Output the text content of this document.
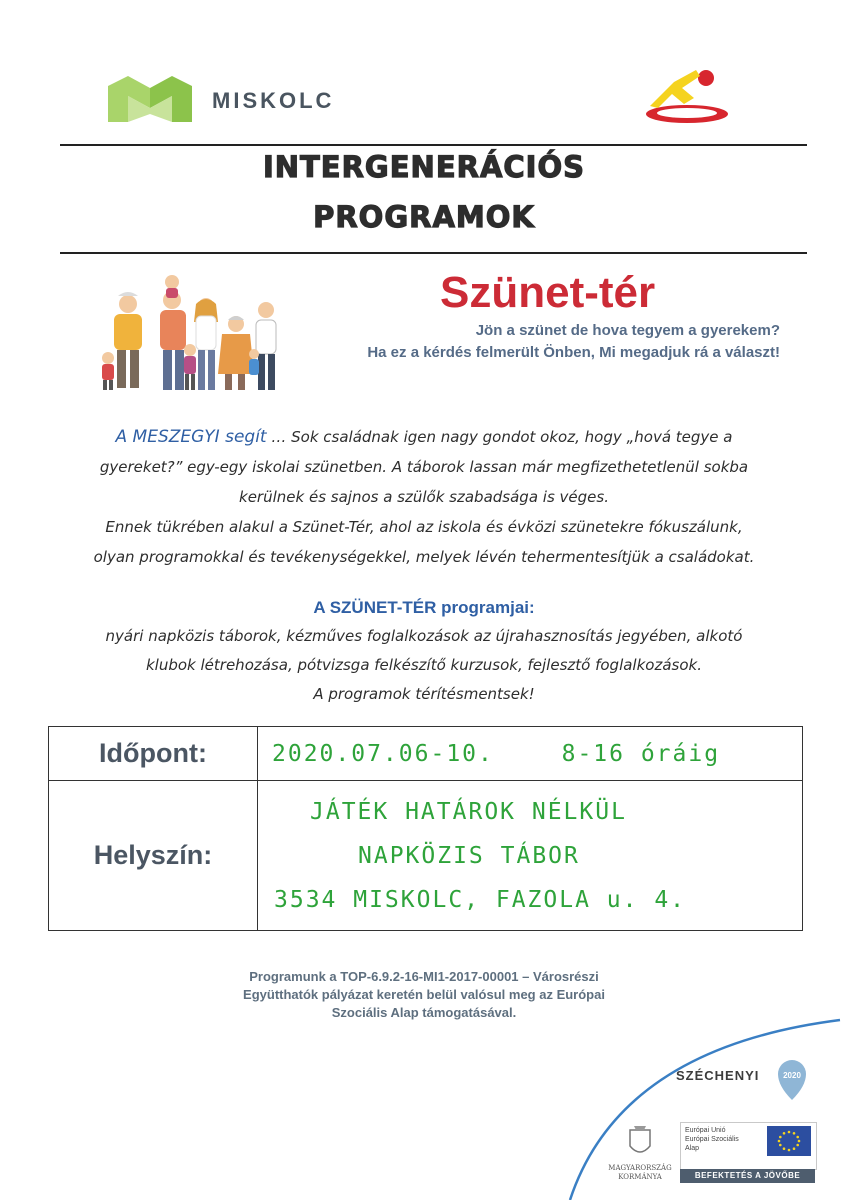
MISKOLC
INTERGENERÁCIÓS
PROGRAMOK
Szünet-tér
Jön a szünet de hova tegyem a gyerekem?
Ha ez a kérdés felmerült Önben, Mi megadjuk rá a választ!
A MESZEGYI segít … Sok családnak igen nagy gondot okoz, hogy „hová tegye a
gyereket?” egy-egy iskolai szünetben. A táborok lassan már megfizethetetlenül sokba
kerülnek és sajnos a szülők szabadsága is véges.
Ennek tükrében alakul a Szünet-Tér, ahol az iskola és évközi szünetekre fókuszálunk,
olyan programokkal és tevékenységekkel, melyek lévén tehermentesítjük a családokat.
A SZÜNET-TÉR programjai:
nyári napközis táborok, kézműves foglalkozások az újrahasznosítás jegyében, alkotó
klubok létrehozása, pótvizsga felkészítő kurzusok, fejlesztő foglalkozások.
A programok térítésmentsek!
Időpont:	2020.07.06-10. 8-16 óráig
Helyszín:	JÁTÉK HATÁROK NÉLKÜL
NAPKÖZIS TÁBOR
3534 MISKOLC, FAZOLA u. 4.
Programunk a TOP-6.9.2-16-MI1-2017-00001 – Városrészi
Együtthatók pályázat keretén belül valósul meg az Európai
Szociális Alap támogatásával.
SZÉCHENYI	2020
MAGYARORSZÁG
KORMÁNYA
Európai Unió
Európai Szociális
Alap
BEFEKTETÉS A JÖVŐBE
